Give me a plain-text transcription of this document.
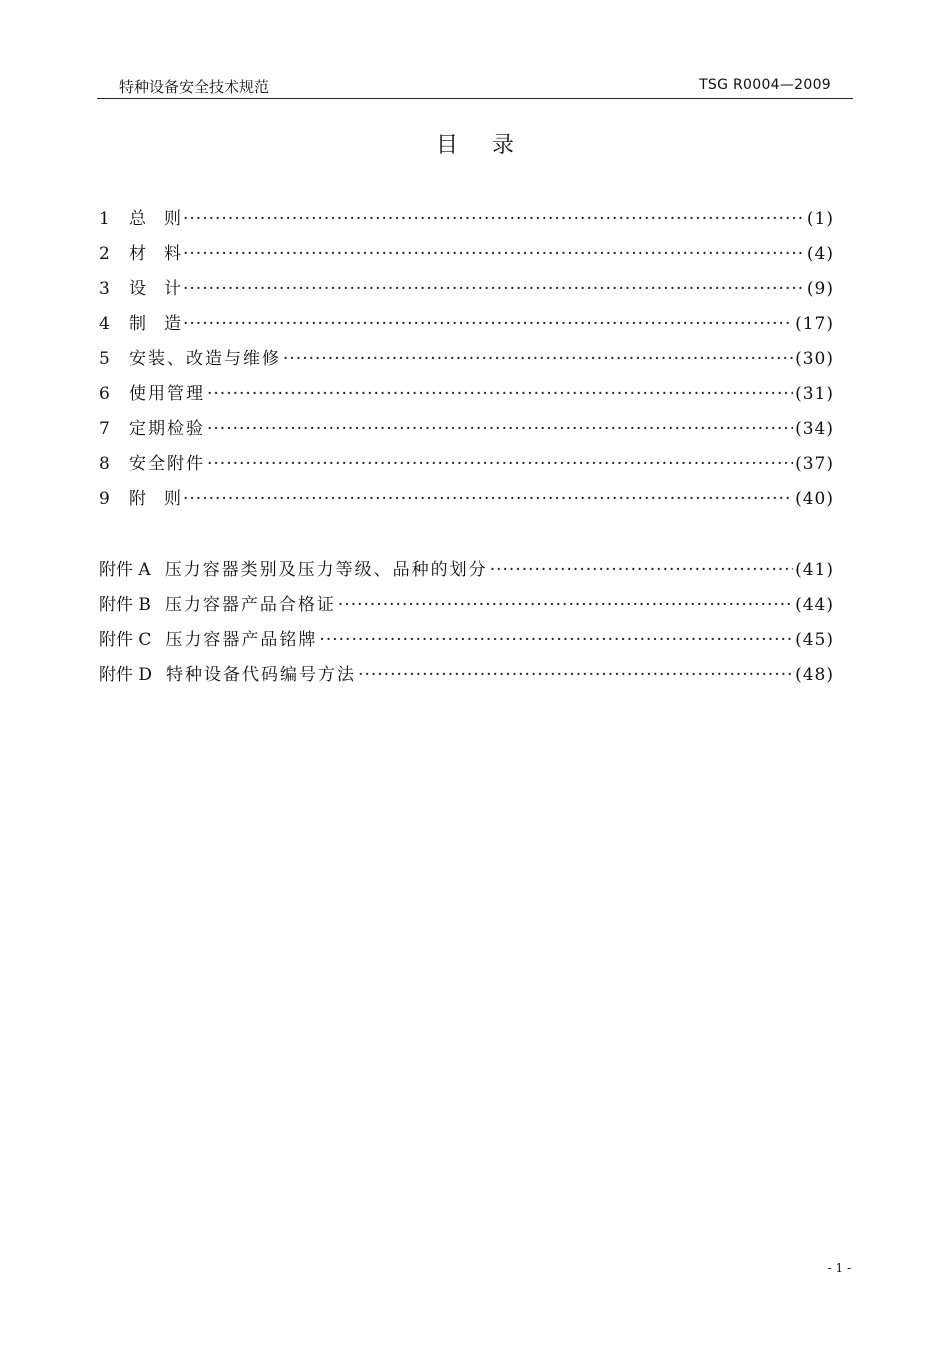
特种设备安全技术规范	TSG R0004—2009
目录
1	总则 ·····	(1)
2	材料 ·····	(4)
3	设计 ·····	(9)
4	制造 ·····	(17)
5	安装、改造与维修 ·····	(30)
6	使用管理 ·····	(31)
7	定期检验 ·····	(34)
8	安全附件 ·····	(37)
9	附则 ·····	(40)
附件 A 压力容器类别及压力等级、品种的划分 ·····	(41)
附件 B 压力容器产品合格证 ·····	(44)
附件 C 压力容器产品铭牌 ·····	(45)
附件 D 特种设备代码编号方法 ·····	(48)
- 1 -
